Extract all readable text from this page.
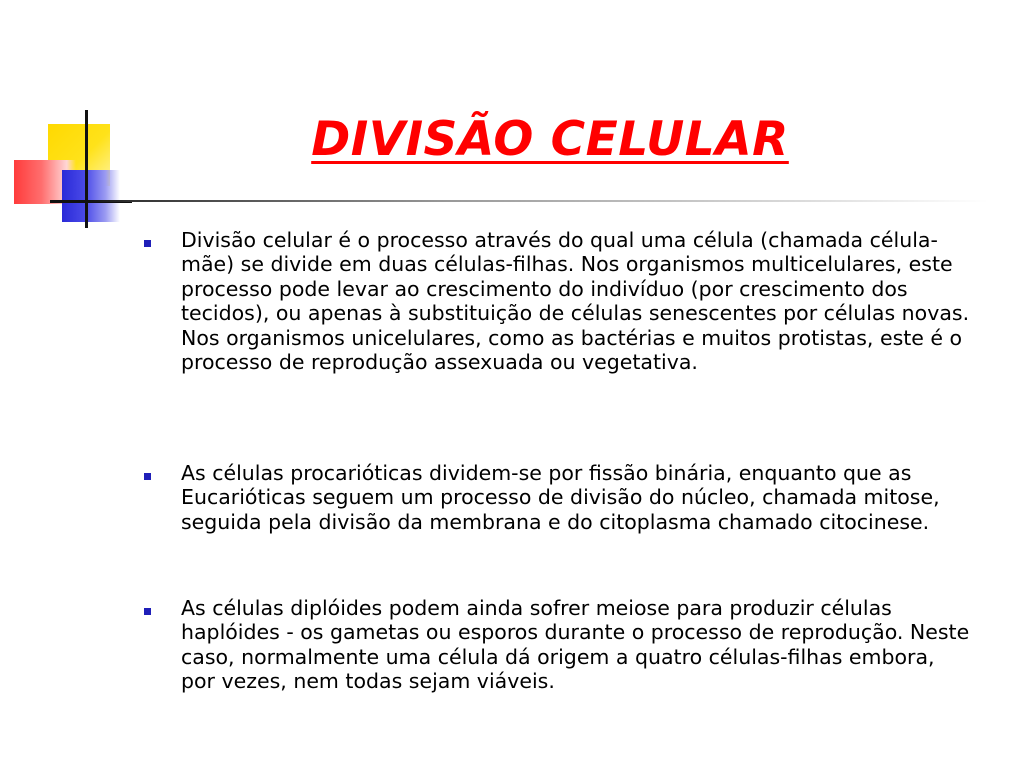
DIVISÃO CELULAR

Divisão celular é o processo através do qual uma célula (chamada célula-mãe) se divide em duas células-filhas. Nos organismos multicelulares, este processo pode levar ao crescimento do indivíduo (por crescimento dos tecidos), ou apenas à substituição de células senescentes por células novas. Nos organismos unicelulares, como as bactérias e muitos protistas, este é o processo de reprodução assexuada ou vegetativa.

As células procarióticas dividem-se por fissão binária, enquanto que as Eucarióticas seguem um processo de divisão do núcleo, chamada mitose, seguida pela divisão da membrana e do citoplasma chamado citocinese.

As células diplóides podem ainda sofrer meiose para produzir células haplóides - os gametas ou esporos durante o processo de reprodução. Neste caso, normalmente uma célula dá origem a quatro células-filhas embora, por vezes, nem todas sejam viáveis.
